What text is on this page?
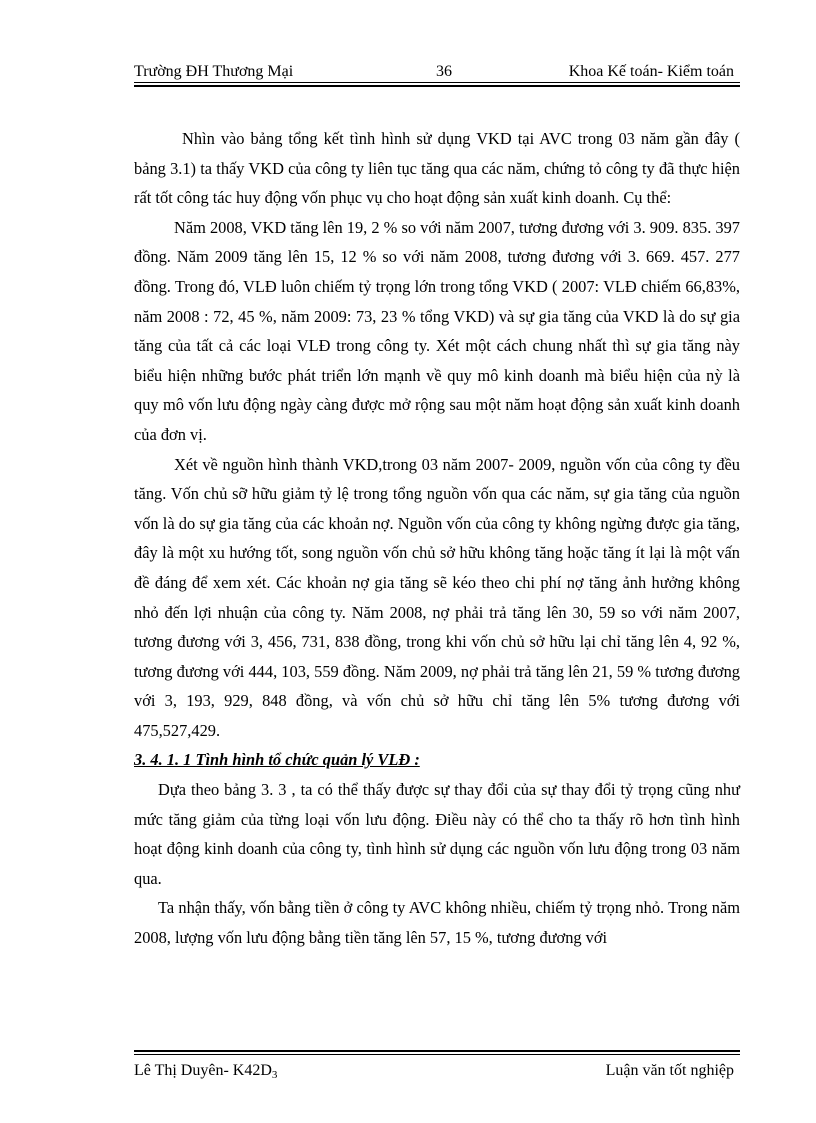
Trường ĐH Thương Mại	36	Khoa Kế toán- Kiểm toán

Nhìn vào bảng tổng kết tình hình sử dụng VKD tại AVC trong 03 năm gần đây ( bảng 3.1) ta thấy VKD của công ty liên tục tăng qua các năm, chứng tỏ công ty đã thực hiện rất tốt công tác huy động vốn phục vụ cho hoạt động sản xuất kinh doanh. Cụ thể:

Năm 2008, VKD tăng lên 19, 2 % so với năm 2007, tương đương với 3. 909. 835. 397 đồng. Năm 2009 tăng lên 15, 12 % so với năm 2008, tương đương với 3. 669. 457. 277 đồng. Trong đó, VLĐ luôn chiếm tỷ trọng lớn trong tổng VKD ( 2007: VLĐ chiếm 66,83%, năm 2008 : 72, 45 %, năm 2009: 73, 23 % tổng VKD) và sự gia tăng của VKD là do sự gia tăng của tất cả các loại VLĐ trong công ty. Xét một cách chung nhất thì sự gia tăng này biểu hiện những bước phát triển lớn mạnh về quy mô kinh doanh mà biểu hiện của nỳ là quy mô vốn lưu động ngày càng được mở rộng sau một năm hoạt động sản xuất kinh doanh của đơn vị.

Xét về nguồn hình thành VKD,trong 03 năm 2007- 2009, nguồn vốn của công ty đều tăng. Vốn chủ sỡ hữu giảm tỷ lệ trong tổng nguồn vốn qua các năm, sự gia tăng của nguồn vốn là do sự gia tăng của các khoản nợ. Nguồn vốn của công ty không ngừng được gia tăng, đây là một xu hướng tốt, song nguồn vốn chủ sở hữu không tăng hoặc tăng ít lại là một vấn đề đáng để xem xét. Các khoản nợ gia tăng sẽ kéo theo chi phí nợ tăng ảnh hưởng không nhỏ đến lợi nhuận của công ty. Năm 2008, nợ phải trả tăng lên 30, 59 so với năm 2007, tương đương với 3, 456, 731, 838 đồng, trong khi vốn chủ sở hữu lại chỉ tăng lên 4, 92 %, tương đương với 444, 103, 559 đồng. Năm 2009, nợ phải trả tăng lên 21, 59 % tương đương với 3, 193, 929, 848 đồng, và vốn chủ sở hữu chỉ tăng lên 5% tương đương với 475,527,429.

3. 4. 1. 1 Tình hình tổ chức quản lý VLĐ :

Dựa theo bảng 3. 3 , ta có thể thấy được sự thay đổi của sự thay đổi tỷ trọng cũng như mức tăng giảm của từng loại vốn lưu động. Điều này có thể cho ta thấy rõ hơn tình hình hoạt động kinh doanh của công ty, tình hình sử dụng các nguồn vốn lưu động trong 03 năm qua.

Ta nhận thấy, vốn bằng tiền ở công ty AVC không nhiều, chiếm tỷ trọng nhỏ. Trong năm 2008, lượng vốn lưu động bằng tiền tăng lên 57, 15 %, tương đương với

Lê Thị Duyên- $K42D_3$	Luận văn tốt nghiệp
